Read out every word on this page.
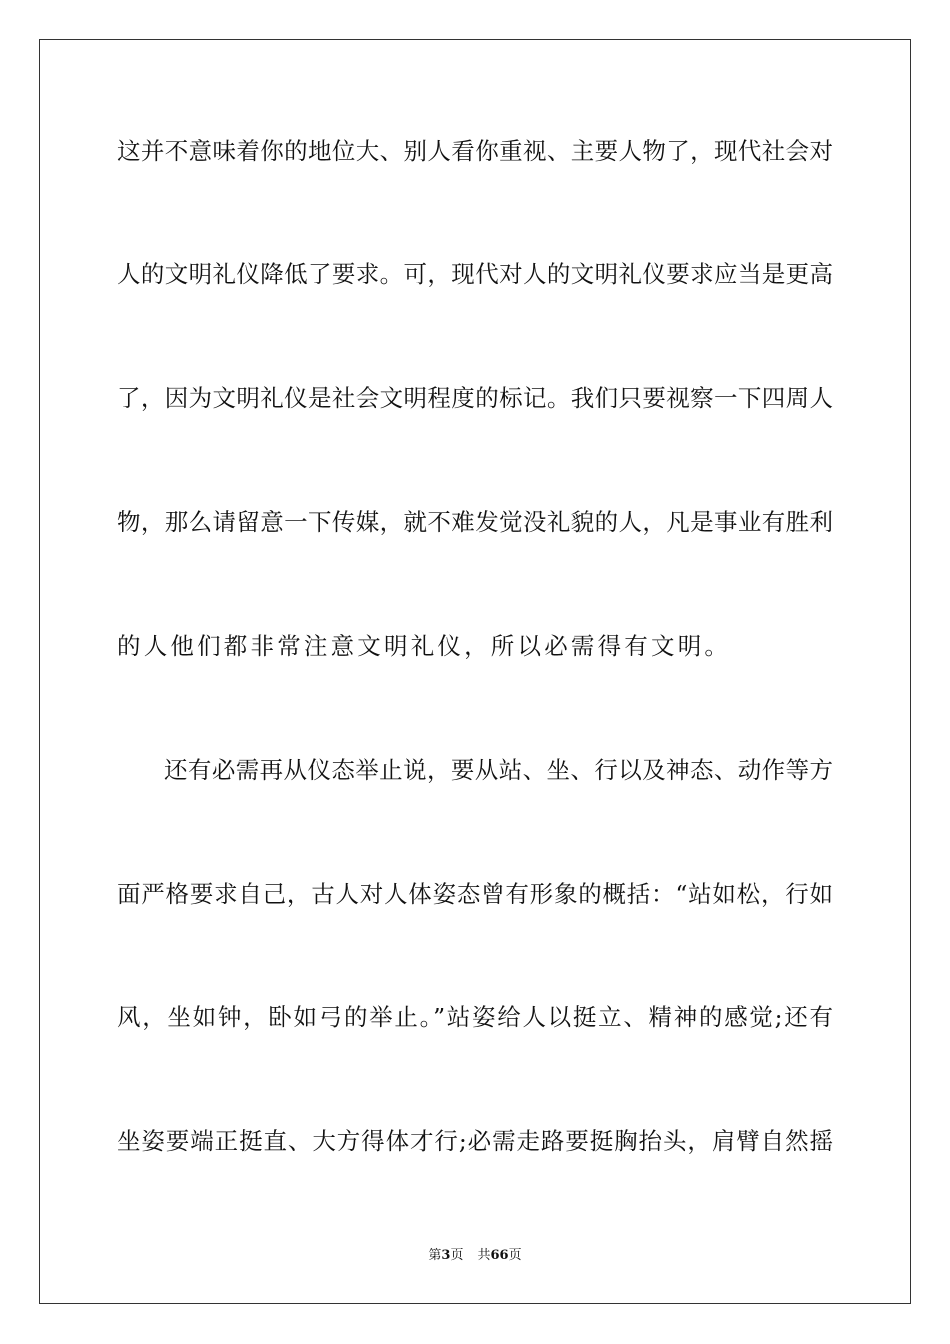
这并不意味着你的地位大、别人看你重视、主要人物了，现代社会对
人的文明礼仪降低了要求。可，现代对人的文明礼仪要求应当是更高
了，因为文明礼仪是社会文明程度的标记。我们只要视察一下四周人
物，那么请留意一下传媒，就不难发觉没礼貌的人，凡是事业有胜利
的人他们都非常注意文明礼仪，所以必需得有文明。
还有必需再从仪态举止说，要从站、坐、行以及神态、动作等方
面严格要求自己，古人对人体姿态曾有形象的概括：“站如松，行如
风，坐如钟，卧如弓的举止。”站姿给人以挺立、精神的感觉;还有
坐姿要端正挺直、大方得体才行;必需走路要挺胸抬头，肩臂自然摇
第3页 共66页
